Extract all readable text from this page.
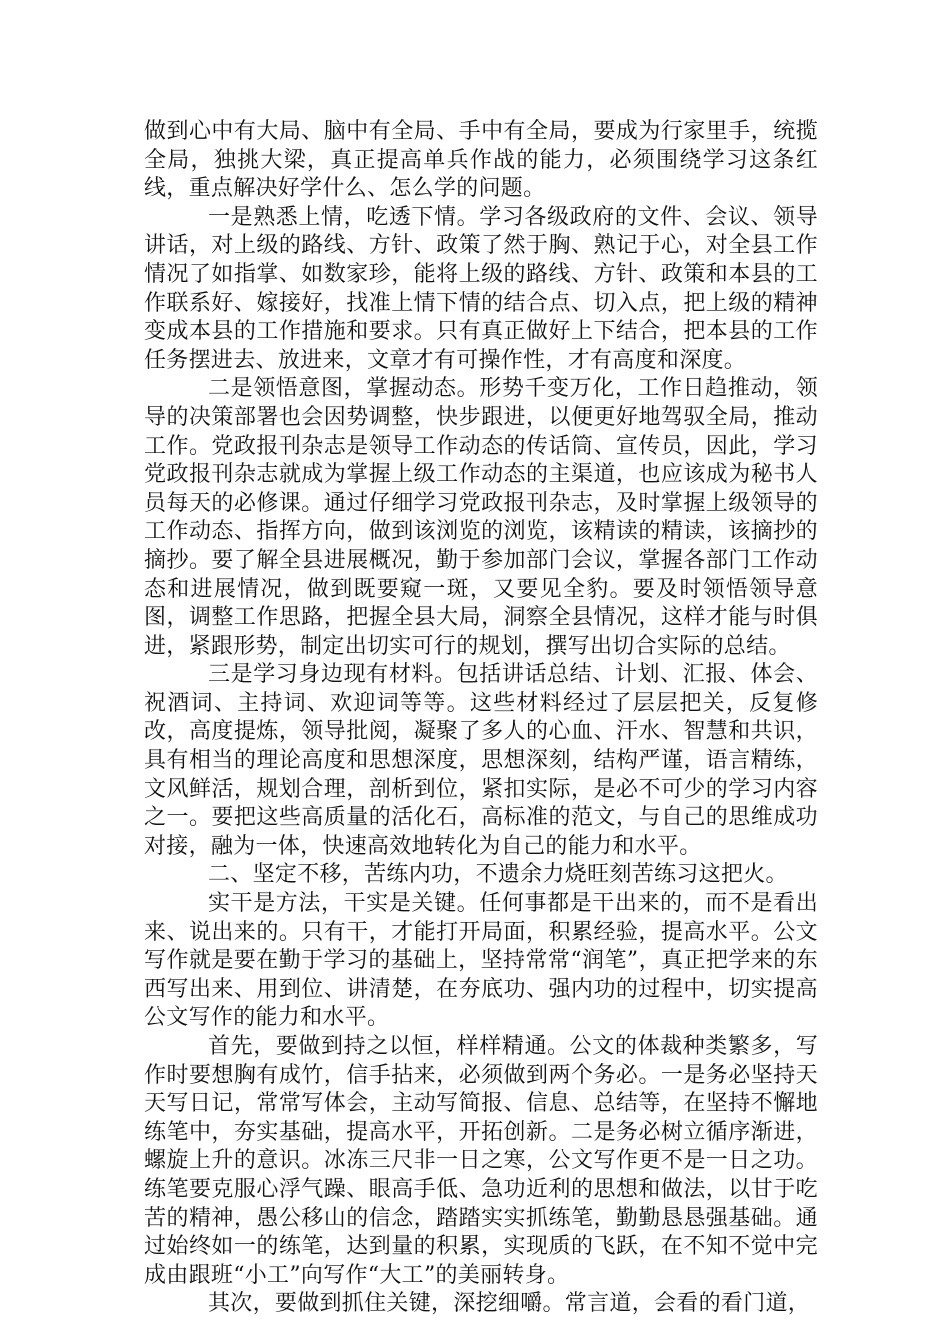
做到心中有大局、脑中有全局、手中有全局，要成为行家里手，统揽全局，独挑大梁，真正提高单兵作战的能力，必须围绕学习这条红线，重点解决好学什么、怎么学的问题。

一是熟悉上情，吃透下情。学习各级政府的文件、会议、领导讲话，对上级的路线、方针、政策了然于胸、熟记于心，对全县工作情况了如指掌、如数家珍，能将上级的路线、方针、政策和本县的工作联系好、嫁接好，找准上情下情的结合点、切入点，把上级的精神变成本县的工作措施和要求。只有真正做好上下结合，把本县的工作任务摆进去、放进来，文章才有可操作性，才有高度和深度。

二是领悟意图，掌握动态。形势千变万化，工作日趋推动，领导的决策部署也会因势调整，快步跟进，以便更好地驾驭全局，推动工作。党政报刊杂志是领导工作动态的传话筒、宣传员，因此，学习党政报刊杂志就成为掌握上级工作动态的主渠道，也应该成为秘书人员每天的必修课。通过仔细学习党政报刊杂志，及时掌握上级领导的工作动态、指挥方向，做到该浏览的浏览，该精读的精读，该摘抄的摘抄。要了解全县进展概况，勤于参加部门会议，掌握各部门工作动态和进展情况，做到既要窥一斑，又要见全豹。要及时领悟领导意图，调整工作思路，把握全县大局，洞察全县情况，这样才能与时俱进，紧跟形势，制定出切实可行的规划，撰写出切合实际的总结。

三是学习身边现有材料。包括讲话总结、计划、汇报、体会、祝酒词、主持词、欢迎词等等。这些材料经过了层层把关，反复修改，高度提炼，领导批阅，凝聚了多人的心血、汗水、智慧和共识，具有相当的理论高度和思想深度，思想深刻，结构严谨，语言精练，文风鲜活，规划合理，剖析到位，紧扣实际，是必不可少的学习内容之一。要把这些高质量的活化石，高标准的范文，与自己的思维成功对接，融为一体，快速高效地转化为自己的能力和水平。

二、坚定不移，苦练内功，不遗余力烧旺刻苦练习这把火。

实干是方法，干实是关键。任何事都是干出来的，而不是看出来、说出来的。只有干，才能打开局面，积累经验，提高水平。公文写作就是要在勤于学习的基础上，坚持常常“润笔”，真正把学来的东西写出来、用到位、讲清楚，在夯底功、强内功的过程中，切实提高公文写作的能力和水平。

首先，要做到持之以恒，样样精通。公文的体裁种类繁多，写作时要想胸有成竹，信手拈来，必须做到两个务必。一是务必坚持天天写日记，常常写体会，主动写简报、信息、总结等，在坚持不懈地练笔中，夯实基础，提高水平，开拓创新。二是务必树立循序渐进，螺旋上升的意识。冰冻三尺非一日之寒，公文写作更不是一日之功。练笔要克服心浮气躁、眼高手低、急功近利的思想和做法，以甘于吃苦的精神，愚公移山的信念，踏踏实实抓练笔，勤勤恳恳强基础。通过始终如一的练笔，达到量的积累，实现质的飞跃，在不知不觉中完成由跟班“小工”向写作“大工”的美丽转身。

其次，要做到抓住关键，深挖细嚼。常言道，会看的看门道，
